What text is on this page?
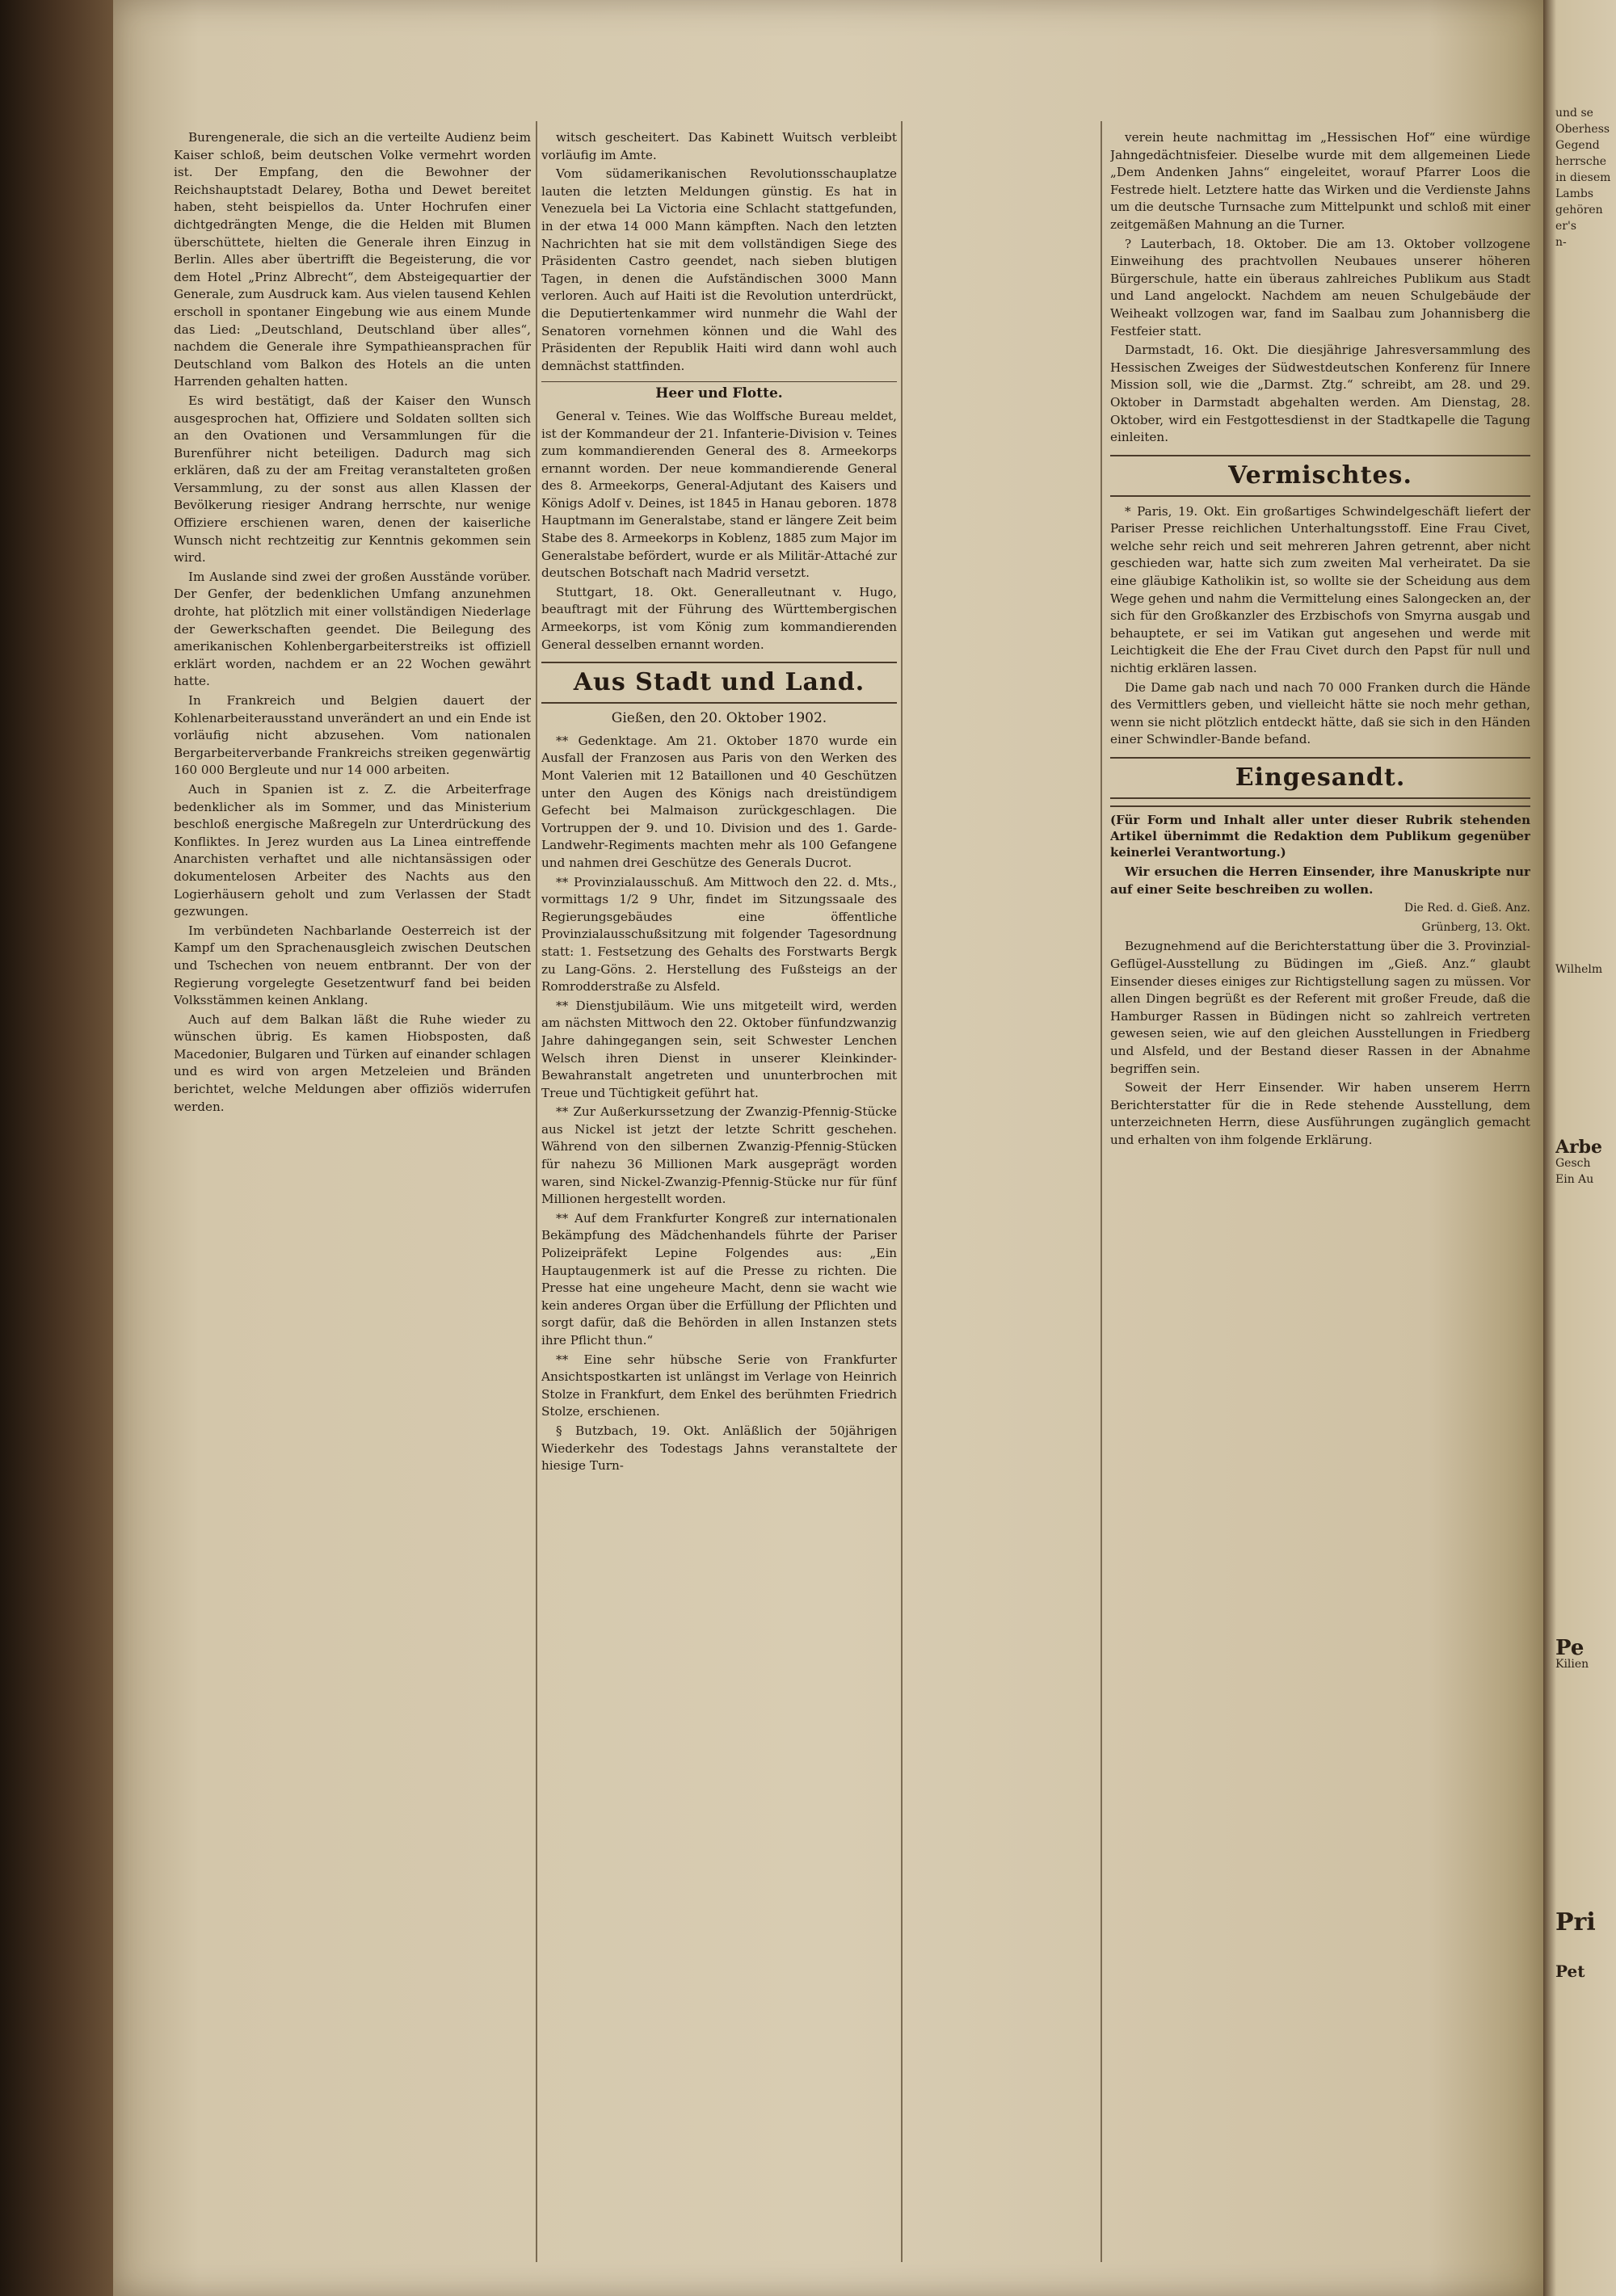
Burengenerale, die sich an die verteilte Audienz beim Kaiser schloß, beim deutschen Volke vermehrt worden ist. Der Empfang, den die Bewohner der Reichshauptstadt Delarey, Botha und Dewet bereitet haben, steht beispiellos da. Unter Hochrufen einer dichtgedrängten Menge, die die Helden mit Blumen überschüttete, hielten die Generale ihren Einzug in Berlin. Alles aber übertrifft die Begeisterung, die vor dem Hotel „Prinz Albrecht“, dem Absteigequartier der Generale, zum Ausdruck kam. Aus vielen tausend Kehlen erscholl in spontaner Eingebung wie aus einem Munde das Lied: „Deutschland, Deutschland über alles“, nachdem die Generale ihre Sympathieansprachen für Deutschland vom Balkon des Hotels an die unten Harrenden gehalten hatten.

Es wird bestätigt, daß der Kaiser den Wunsch ausgesprochen hat, Offiziere und Soldaten sollten sich an den Ovationen und Versammlungen für die Burenführer nicht beteiligen. Dadurch mag sich erklären, daß zu der am Freitag veranstalteten großen Versammlung, zu der sonst aus allen Klassen der Bevölkerung riesiger Andrang herrschte, nur wenige Offiziere erschienen waren, denen der kaiserliche Wunsch nicht rechtzeitig zur Kenntnis gekommen sein wird.

Im Auslande sind zwei der großen Ausstände vorüber. Der Genfer, der bedenklichen Umfang anzunehmen drohte, hat plötzlich mit einer vollständigen Niederlage der Gewerkschaften geendet. Die Beilegung des amerikanischen Kohlenbergarbeiterstreiks ist offiziell erklärt worden, nachdem er an 22 Wochen gewährt hatte.

In Frankreich und Belgien dauert der Kohlenarbeiterausstand unverändert an und ein Ende ist vorläufig nicht abzusehen. Vom nationalen Bergarbeiterverbande Frankreichs streiken gegenwärtig 160 000 Bergleute und nur 14 000 arbeiten.

Auch in Spanien ist z. Z. die Arbeiterfrage bedenklicher als im Sommer, und das Ministerium beschloß energische Maßregeln zur Unterdrückung des Konfliktes. In Jerez wurden aus La Linea eintreffende Anarchisten verhaftet und alle nichtansässigen oder dokumentelosen Arbeiter des Nachts aus den Logierhäusern geholt und zum Verlassen der Stadt gezwungen.

Im verbündeten Nachbarlande Oesterreich ist der Kampf um den Sprachenausgleich zwischen Deutschen und Tschechen von neuem entbrannt. Der von der Regierung vorgelegte Gesetzentwurf fand bei beiden Volksstämmen keinen Anklang.

Auch auf dem Balkan läßt die Ruhe wieder zu wünschen übrig. Es kamen Hiobsposten, daß Macedonier, Bulgaren und Türken auf einander schlagen und es wird von argen Metzeleien und Bränden berichtet, welche Meldungen aber offiziös widerrufen werden.

witsch gescheitert. Das Kabinett Wuitsch verbleibt vorläufig im Amte.

Vom südamerikanischen Revolutionsschauplatze lauten die letzten Meldungen günstig. Es hat in Venezuela bei La Victoria eine Schlacht stattgefunden, in der etwa 14 000 Mann kämpften. Nach den letzten Nachrichten hat sie mit dem vollständigen Siege des Präsidenten Castro geendet, nach sieben blutigen Tagen, in denen die Aufständischen 3000 Mann verloren. Auch auf Haiti ist die Revolution unterdrückt, die Deputiertenkammer wird nunmehr die Wahl der Senatoren vornehmen können und die Wahl des Präsidenten der Republik Haiti wird dann wohl auch demnächst stattfinden.

Heer und Flotte.

General v. Teines. Wie das Wolffsche Bureau meldet, ist der Kommandeur der 21. Infanterie-Division v. Teines zum kommandierenden General des 8. Armeekorps ernannt worden. Der neue kommandierende General des 8. Armeekorps, General-Adjutant des Kaisers und Königs Adolf v. Deines, ist 1845 in Hanau geboren. 1878 Hauptmann im Generalstabe, stand er längere Zeit beim Stabe des 8. Armeekorps in Koblenz, 1885 zum Major im Generalstabe befördert, wurde er als Militär-Attaché zur deutschen Botschaft nach Madrid versetzt.

Stuttgart, 18. Okt. Generalleutnant v. Hugo, beauftragt mit der Führung des Württembergischen Armeekorps, ist vom König zum kommandierenden General desselben ernannt worden.

Aus Stadt und Land.
Gießen, den 20. Oktober 1902.

** Gedenktage. Am 21. Oktober 1870 wurde ein Ausfall der Franzosen aus Paris von den Werken des Mont Valerien mit 12 Bataillonen und 40 Geschützen unter den Augen des Königs nach dreistündigem Gefecht bei Malmaison zurückgeschlagen. Die Vortruppen der 9. und 10. Division und des 1. Garde-Landwehr-Regiments machten mehr als 100 Gefangene und nahmen drei Geschütze des Generals Ducrot.

** Provinzialausschuß. Am Mittwoch den 22. d. Mts., vormittags 1/2 9 Uhr, findet im Sitzungssaale des Regierungsgebäudes eine öffentliche Provinzialausschußsitzung mit folgender Tagesordnung statt: 1. Festsetzung des Gehalts des Forstwarts Bergk zu Lang-Göns. 2. Herstellung des Fußsteigs an der Romrodderstraße zu Alsfeld.

** Dienstjubiläum. Wie uns mitgeteilt wird, werden am nächsten Mittwoch den 22. Oktober fünfundzwanzig Jahre dahingegangen sein, seit Schwester Lenchen Welsch ihren Dienst in unserer Kleinkinder-Bewahranstalt angetreten und ununterbrochen mit Treue und Tüchtigkeit geführt hat.

** Zur Außerkurssetzung der Zwanzig-Pfennig-Stücke aus Nickel ist jetzt der letzte Schritt geschehen. Während von den silbernen Zwanzig-Pfennig-Stücken für nahezu 36 Millionen Mark ausgeprägt worden waren, sind Nickel-Zwanzig-Pfennig-Stücke nur für fünf Millionen hergestellt worden.

** Auf dem Frankfurter Kongreß zur internationalen Bekämpfung des Mädchenhandels führte der Pariser Polizeipräfekt Lepine Folgendes aus: „Ein Hauptaugenmerk ist auf die Presse zu richten. Die Presse hat eine ungeheure Macht, denn sie wacht wie kein anderes Organ über die Erfüllung der Pflichten und sorgt dafür, daß die Behörden in allen Instanzen stets ihre Pflicht thun.“

** Eine sehr hübsche Serie von Frankfurter Ansichtspostkarten ist unlängst im Verlage von Heinrich Stolze in Frankfurt, dem Enkel des berühmten Friedrich Stolze, erschienen.

§ Butzbach, 19. Okt. Anläßlich der 50jährigen Wiederkehr des Todestags Jahns veranstaltete der hiesige Turn-

verein heute nachmittag im „Hessischen Hof“ eine würdige Jahngedächtnisfeier. Dieselbe wurde mit dem allgemeinen Liede „Dem Andenken Jahns“ eingeleitet, worauf Pfarrer Loos die Festrede hielt. Letztere hatte das Wirken und die Verdienste Jahns um die deutsche Turnsache zum Mittelpunkt und schloß mit einer zeitgemäßen Mahnung an die Turner.

? Lauterbach, 18. Oktober. Die am 13. Oktober vollzogene Einweihung des prachtvollen Neubaues unserer höheren Bürgerschule, hatte ein überaus zahlreiches Publikum aus Stadt und Land angelockt. Nachdem am neuen Schulgebäude der Weiheakt vollzogen war, fand im Saalbau zum Johannisberg die Festfeier statt.

Darmstadt, 16. Okt. Die diesjährige Jahresversammlung des Hessischen Zweiges der Südwestdeutschen Konferenz für Innere Mission soll, wie die „Darmst. Ztg.“ schreibt, am 28. und 29. Oktober in Darmstadt abgehalten werden. Am Dienstag, 28. Oktober, wird ein Festgottesdienst in der Stadtkapelle die Tagung einleiten.

Vermischtes.

* Paris, 19. Okt. Ein großartiges Schwindelgeschäft liefert der Pariser Presse reichlichen Unterhaltungsstoff. Eine Frau Civet, welche sehr reich und seit mehreren Jahren getrennt, aber nicht geschieden war, hatte sich zum zweiten Mal verheiratet. Da sie eine gläubige Katholikin ist, so wollte sie der Scheidung aus dem Wege gehen und nahm die Vermittelung eines Salongecken an, der sich für den Großkanzler des Erzbischofs von Smyrna ausgab und behauptete, er sei im Vatikan gut angesehen und werde mit Leichtigkeit die Ehe der Frau Civet durch den Papst für null und nichtig erklären lassen.

Die Dame gab nach und nach 70 000 Franken durch die Hände des Vermittlers geben, und vielleicht hätte sie noch mehr gethan, wenn sie nicht plötzlich entdeckt hätte, daß sie sich in den Händen einer Schwindler-Bande befand.

Eingesandt.
(Für Form und Inhalt aller unter dieser Rubrik stehenden Artikel übernimmt die Redaktion dem Publikum gegenüber keinerlei Verantwortung.)

Wir ersuchen die Herren Einsender, ihre Manuskripte nur auf einer Seite beschreiben zu wollen.

Die Red. d. Gieß. Anz.
Grünberg, 13. Okt.

Bezugnehmend auf die Berichterstattung über die 3. Provinzial-Geflügel-Ausstellung zu Büdingen im „Gieß. Anz.“ glaubt Einsender dieses einiges zur Richtigstellung sagen zu müssen. Vor allen Dingen begrüßt es der Referent mit großer Freude, daß die Hamburger Rassen in Büdingen nicht so zahlreich vertreten gewesen seien, wie auf den gleichen Ausstellungen in Friedberg und Alsfeld, und der Bestand dieser Rassen in der Abnahme begriffen sein.

Soweit der Herr Einsender. Wir haben unserem Herrn Berichterstatter für die in Rede stehende Ausstellung, dem unterzeichneten Herrn, diese Ausführungen zugänglich gemacht und erhalten von ihm folgende Erklärung.

und se
Oberhess
Gegend
herrsche
in diesem
Lambs
gehören
er's
n-
Wilhelm
Arbe
Gesch
Ein Au
Pe
Kilien
Pri
Pet
